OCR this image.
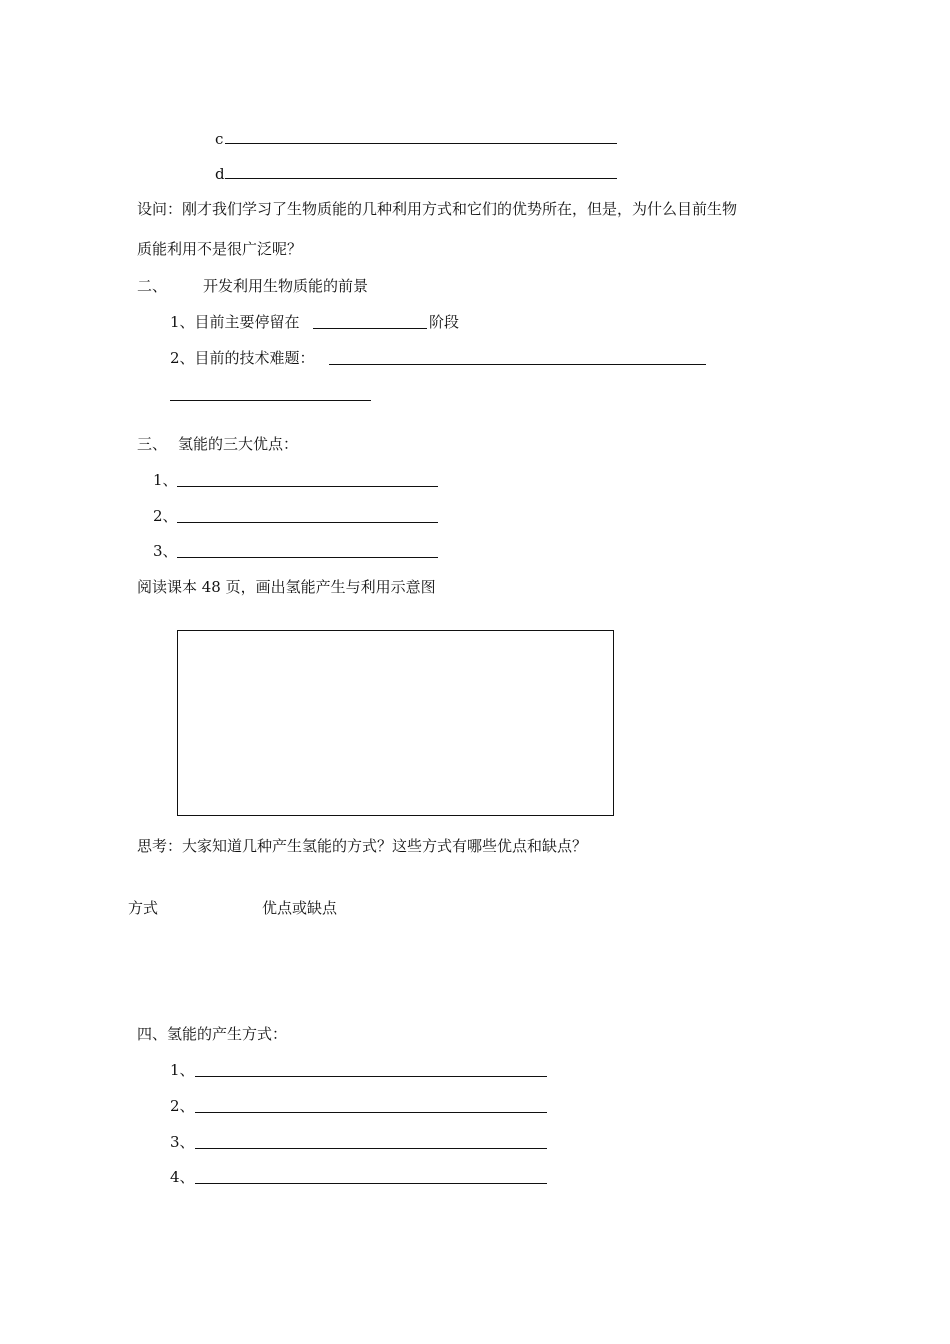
c
d
设问：刚才我们学习了生物质能的几种利用方式和它们的优势所在，但是，为什么目前生物
质能利用不是很广泛呢？
二、 开发利用生物质能的前景
1、目前主要停留在	阶段
2、目前的技术难题：
三、 氢能的三大优点：
1、
2、
3、
阅读课本 48 页，画出氢能产生与利用示意图
思考：大家知道几种产生氢能的方式？这些方式有哪些优点和缺点？
方式	优点或缺点
四、氢能的产生方式：
1、
2、
3、
4、
